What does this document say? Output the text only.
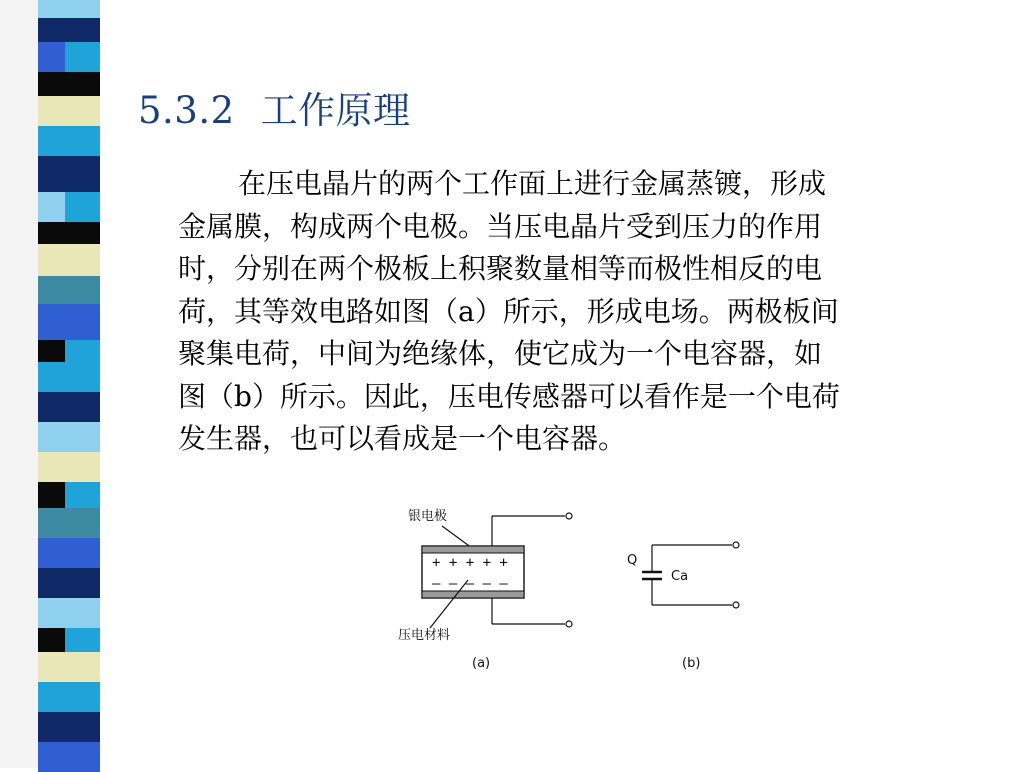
5.3.2 工作原理
在压电晶片的两个工作面上进行金属蒸镀，形成
金属膜，构成两个电极。当压电晶片受到压力的作用
时，分别在两个极板上积聚数量相等而极性相反的电
荷，其等效电路如图（a）所示，形成电场。两极板间
聚集电荷，中间为绝缘体，使它成为一个电容器，如
图（b）所示。因此，压电传感器可以看作是一个电荷
发生器，也可以看成是一个电容器。
银电极
+ + + + +
– – – – –
压电材料
(a)
Q
Ca
(b)
